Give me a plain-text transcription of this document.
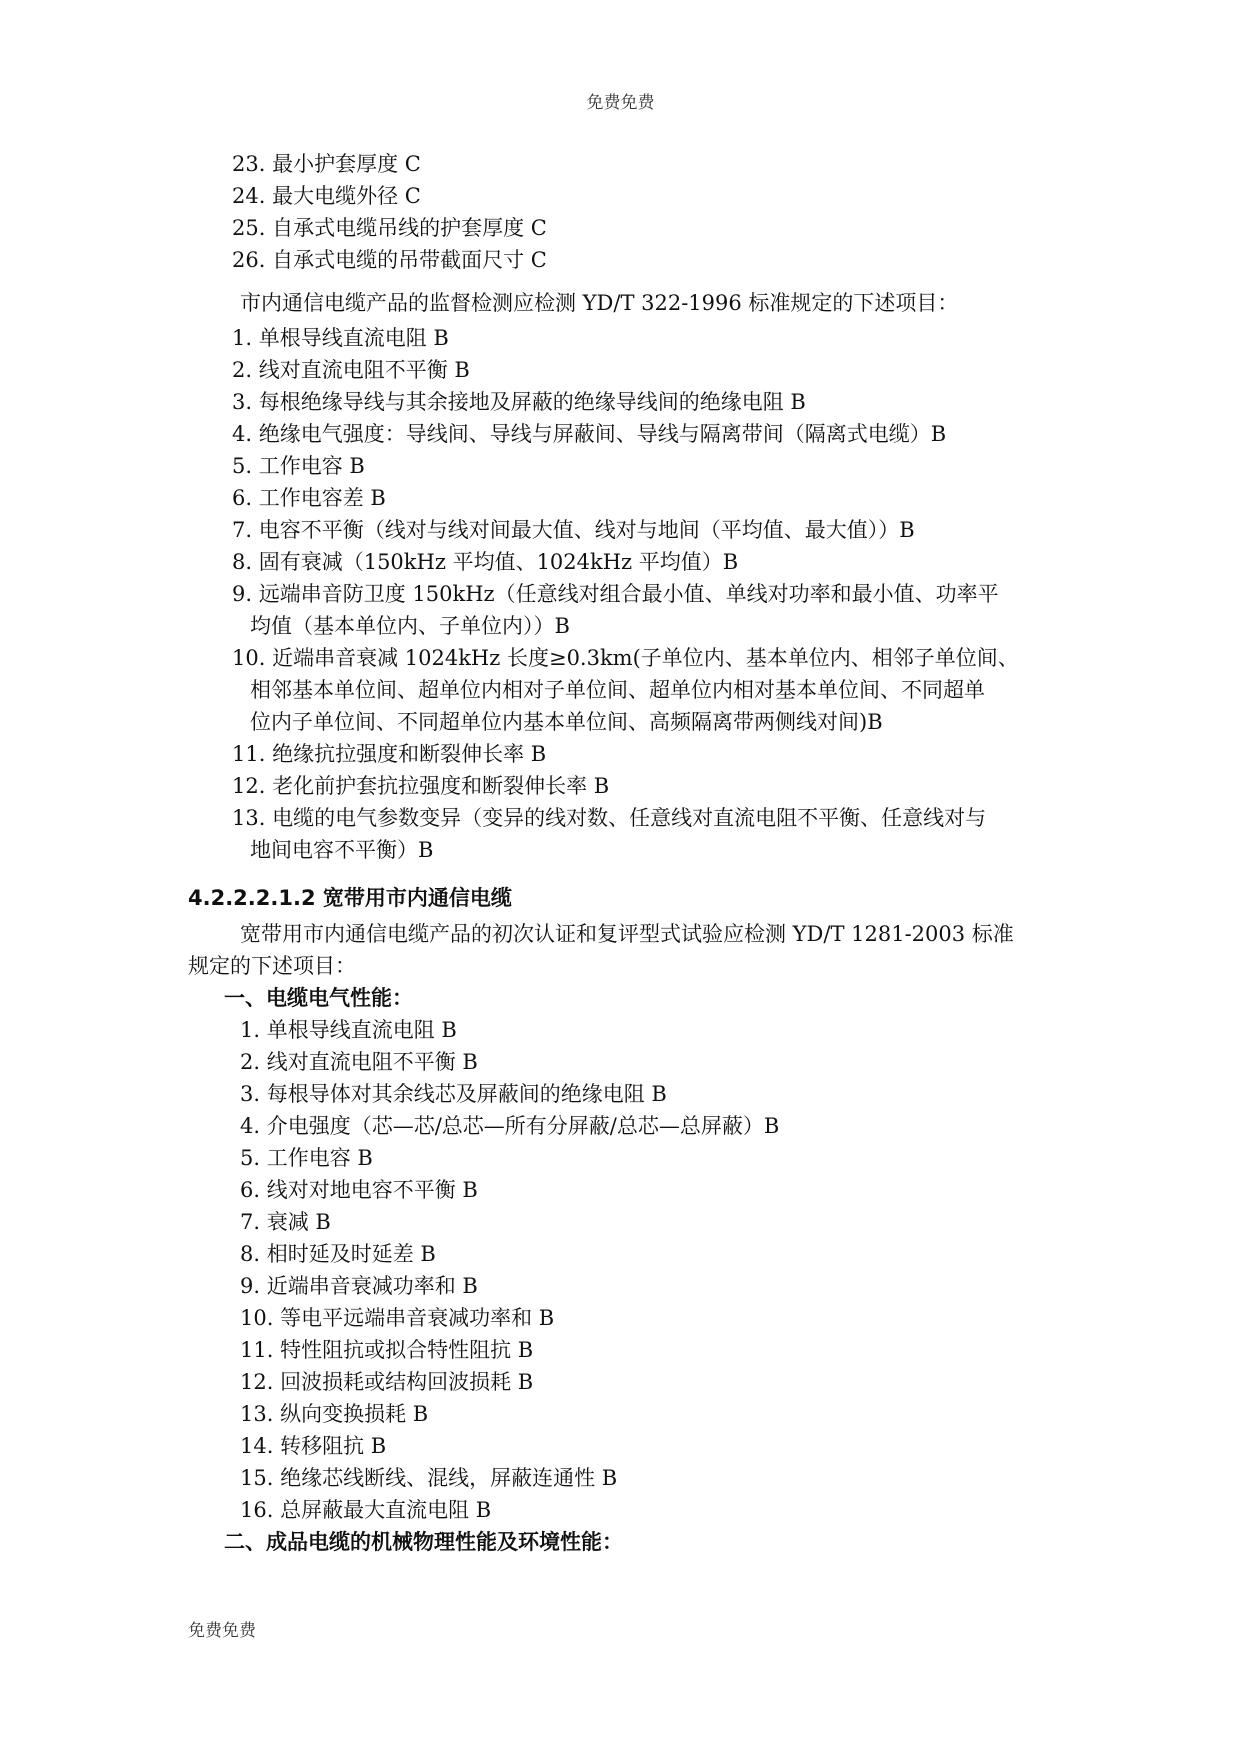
免费免费
23. 最小护套厚度 C
24. 最大电缆外径 C
25. 自承式电缆吊线的护套厚度 C
26. 自承式电缆的吊带截面尺寸 C
市内通信电缆产品的监督检测应检测 YD/T 322-1996 标准规定的下述项目：
1. 单根导线直流电阻 B
2. 线对直流电阻不平衡 B
3. 每根绝缘导线与其余接地及屏蔽的绝缘导线间的绝缘电阻 B
4. 绝缘电气强度：导线间、导线与屏蔽间、导线与隔离带间（隔离式电缆）B
5. 工作电容 B
6. 工作电容差 B
7. 电容不平衡（线对与线对间最大值、线对与地间（平均值、最大值））B
8. 固有衰减（150kHz 平均值、1024kHz 平均值）B
9. 远端串音防卫度 150kHz（任意线对组合最小值、单线对功率和最小值、功率平
均值（基本单位内、子单位内））B
10. 近端串音衰减 1024kHz 长度≥0.3km(子单位内、基本单位内、相邻子单位间、
相邻基本单位间、超单位内相对子单位间、超单位内相对基本单位间、不同超单
位内子单位间、不同超单位内基本单位间、高频隔离带两侧线对间)B
11. 绝缘抗拉强度和断裂伸长率 B
12. 老化前护套抗拉强度和断裂伸长率 B
13. 电缆的电气参数变异（变异的线对数、任意线对直流电阻不平衡、任意线对与
地间电容不平衡）B
4.2.2.2.1.2 宽带用市内通信电缆
宽带用市内通信电缆产品的初次认证和复评型式试验应检测 YD/T 1281-2003 标准
规定的下述项目：
一、电缆电气性能：
1. 单根导线直流电阻 B
2. 线对直流电阻不平衡 B
3. 每根导体对其余线芯及屏蔽间的绝缘电阻 B
4. 介电强度（芯—芯/总芯—所有分屏蔽/总芯—总屏蔽）B
5. 工作电容 B
6. 线对对地电容不平衡 B
7. 衰减 B
8. 相时延及时延差 B
9. 近端串音衰减功率和 B
10. 等电平远端串音衰减功率和 B
11. 特性阻抗或拟合特性阻抗 B
12. 回波损耗或结构回波损耗 B
13. 纵向变换损耗 B
14. 转移阻抗 B
15. 绝缘芯线断线、混线，屏蔽连通性 B
16. 总屏蔽最大直流电阻 B
二、成品电缆的机械物理性能及环境性能：
免费免费
